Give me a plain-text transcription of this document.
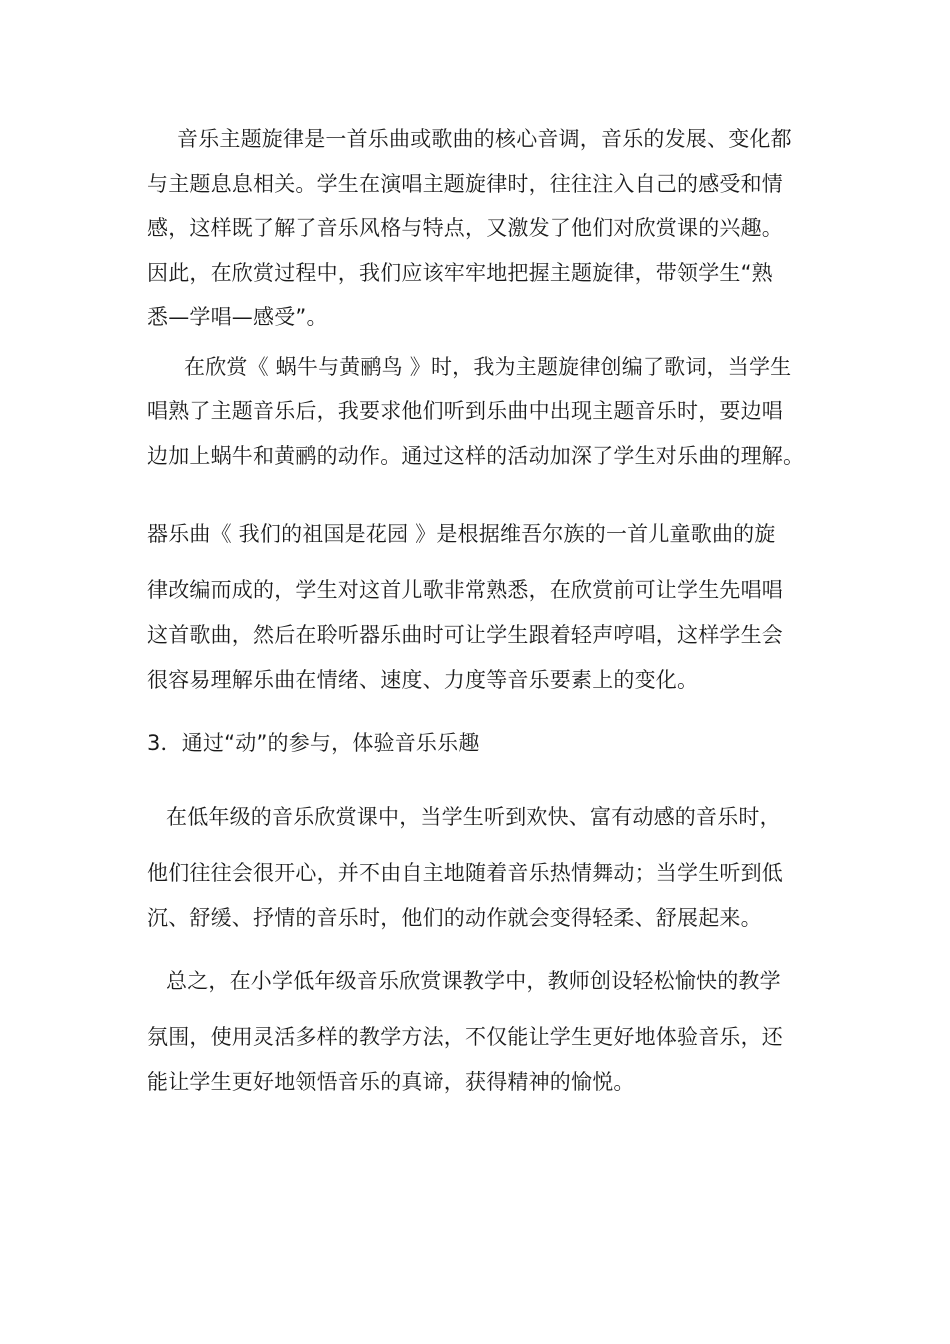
音乐主题旋律是一首乐曲或歌曲的核心音调，音乐的发展、变化都
与主题息息相关。学生在演唱主题旋律时，往往注入自己的感受和情
感，这样既了解了音乐风格与特点，又激发了他们对欣赏课的兴趣。
因此，在欣赏过程中，我们应该牢牢地把握主题旋律，带领学生“熟
悉—学唱—感受”。
在欣赏《 蜗牛与黄鹂鸟 》时，我为主题旋律创编了歌词，当学生
唱熟了主题音乐后，我要求他们听到乐曲中出现主题音乐时，要边唱
边加上蜗牛和黄鹂的动作。通过这样的活动加深了学生对乐曲的理解。
器乐曲《 我们的祖国是花园 》是根据维吾尔族的一首儿童歌曲的旋
律改编而成的，学生对这首儿歌非常熟悉，在欣赏前可让学生先唱唱
这首歌曲，然后在聆听器乐曲时可让学生跟着轻声哼唱，这样学生会
很容易理解乐曲在情绪、速度、力度等音乐要素上的变化。
3．通过“动”的参与，体验音乐乐趣
在低年级的音乐欣赏课中，当学生听到欢快、富有动感的音乐时，
他们往往会很开心，并不由自主地随着音乐热情舞动；当学生听到低
沉、舒缓、抒情的音乐时，他们的动作就会变得轻柔、舒展起来。
总之，在小学低年级音乐欣赏课教学中，教师创设轻松愉快的教学
氛围，使用灵活多样的教学方法，不仅能让学生更好地体验音乐，还
能让学生更好地领悟音乐的真谛，获得精神的愉悦。
